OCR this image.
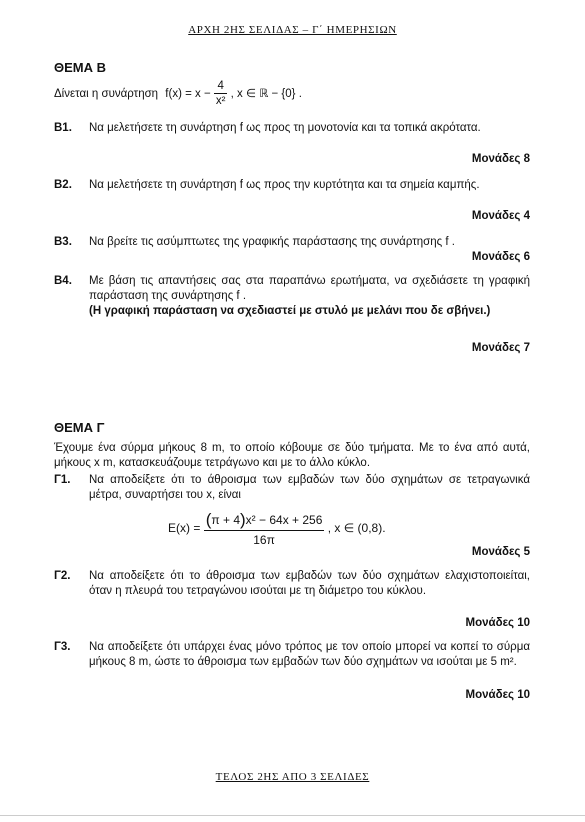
ΑΡΧΗ 2ΗΣ ΣΕΛΙΔΑΣ – Γ΄ ΗΜΕΡΗΣΙΩΝ
ΘΕΜΑ Β
Δίνεται η συνάρτηση $f(x) = x - \frac{4}{\text{x²}}$ , x ∈ ℝ − {0} .
Β1. Να μελετήσετε τη συνάρτηση f ως προς τη μονοτονία και τα τοπικά ακρότατα.
Μονάδες 8
Β2. Να μελετήσετε τη συνάρτηση f ως προς την κυρτότητα και τα σημεία καμπής.
Μονάδες 4
Β3. Να βρείτε τις ασύμπτωτες της γραφικής παράστασης της συνάρτησης f .
Μονάδες 6
Β4. Με βάση τις απαντήσεις σας στα παραπάνω ερωτήματα, να σχεδιάσετε τη γραφική παράσταση της συνάρτησης f .
(Η γραφική παράσταση να σχεδιαστεί με στυλό με μελάνι που δε σβήνει.)
Μονάδες 7
ΘΕΜΑ Γ
Έχουμε ένα σύρμα μήκους 8 m, το οποίο κόβουμε σε δύο τμήματα. Με το ένα από αυτά, μήκους x m, κατασκευάζουμε τετράγωνο και με το άλλο κύκλο.
Γ1. Να αποδείξετε ότι το άθροισμα των εμβαδών των δύο σχημάτων σε τετραγωνικά μέτρα, συναρτήσει του x, είναι
$E(x) = \frac{\text{(π + 4)x² − 64x + 256}}{16\pi}$ , x ∈ (0,8).
Μονάδες 5
Γ2. Να αποδείξετε ότι το άθροισμα των εμβαδών των δύο σχημάτων ελαχιστοποιείται, όταν η πλευρά του τετραγώνου ισούται με τη διάμετρο του κύκλου.
Μονάδες 10
Γ3. Να αποδείξετε ότι υπάρχει ένας μόνο τρόπος με τον οποίο μπορεί να κοπεί το σύρμα μήκους 8 m, ώστε το άθροισμα των εμβαδών των δύο σχημάτων να ισούται με 5 m².
Μονάδες 10
ΤΕΛΟΣ 2ΗΣ ΑΠΟ 3 ΣΕΛΙΔΕΣ
